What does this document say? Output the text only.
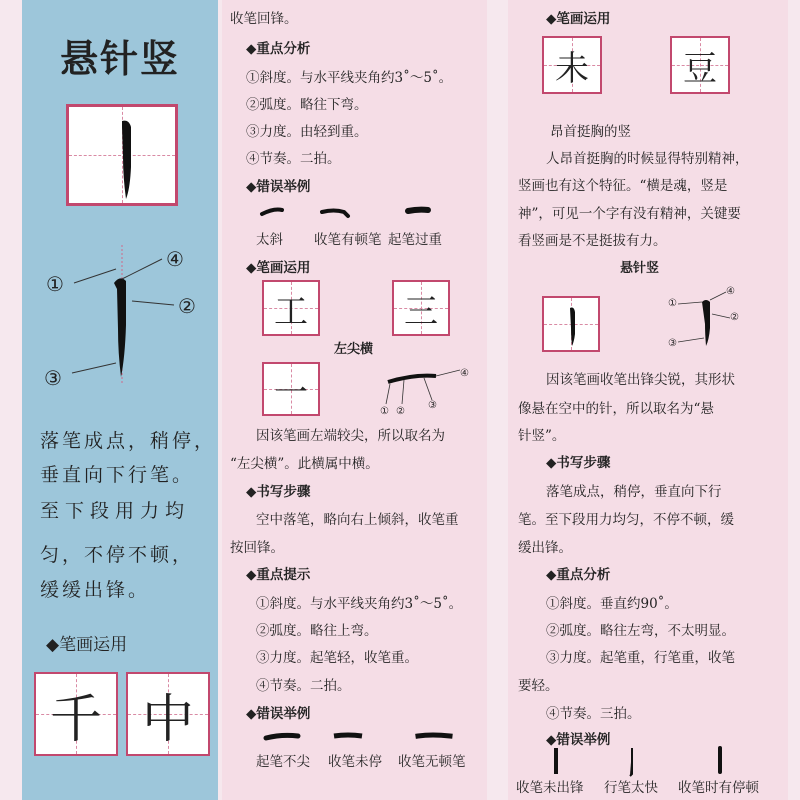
悬针竖
①
④
②
③
落笔成点，稍停，
垂直向下行笔。
至下段用力均
匀，不停不顿，
缓缓出锋。
◆笔画运用
千 中
收笔回锋。
◆重点分析
①斜度。与水平线夹角约3˚～5˚。
②弧度。略往下弯。
③力度。由轻到重。
④节奏。二拍。
◆错误举例
太斜 收笔有顿笔 起笔过重
◆笔画运用
工	三
左尖横
一	① ②
③
④
因该笔画左端较尖，所以取名为
“左尖横”。此横属中横。
◆书写步骤
空中落笔，略向右上倾斜，收笔重
按回锋。
◆重点提示
①斜度。与水平线夹角约3˚～5˚。
②弧度。略往上弯。
③力度。起笔轻，收笔重。
④节奏。二拍。
◆错误举例
起笔不尖 收笔未停 收笔无顿笔
◆笔画运用
未	豆
昂首挺胸的竖
人昂首挺胸的时候显得特别精神，
竖画也有这个特征。“横是魂，竖是
神”，可见一个字有没有精神，关键要
看竖画是不是挺拔有力。
悬针竖
①
④
②
③
因该笔画收笔出锋尖锐，其形状
像悬在空中的针，所以取名为“悬
针竖”。
◆书写步骤
落笔成点，稍停，垂直向下行
笔。至下段用力均匀，不停不顿，缓
缓出锋。
◆重点分析
①斜度。垂直约90˚。
②弧度。略往左弯，不太明显。
③力度。起笔重，行笔重，收笔
要轻。
④节奏。三拍。
◆错误举例
收笔未出锋 行笔太快 收笔时有停顿
